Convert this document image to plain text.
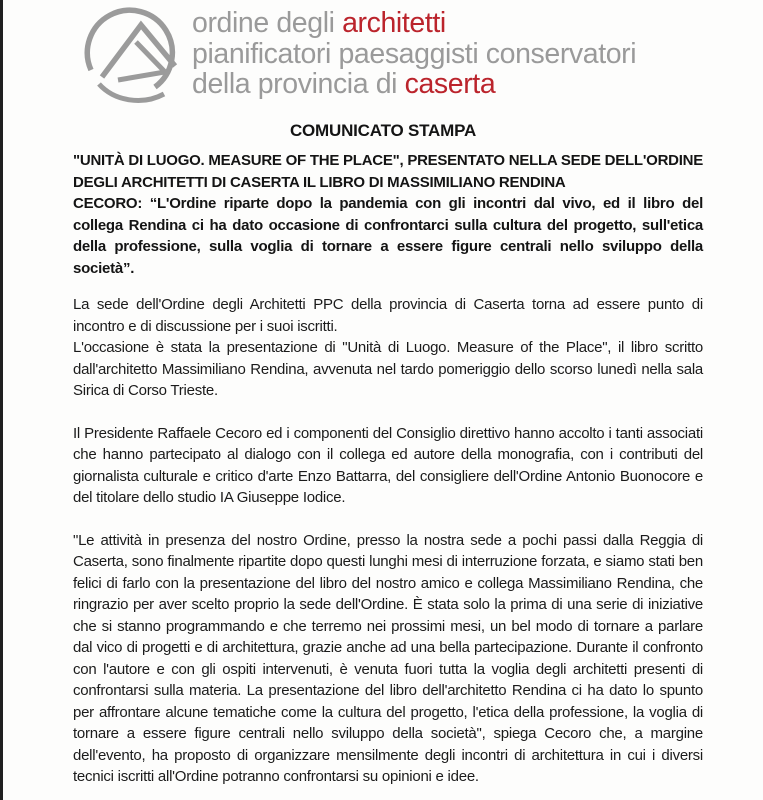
ordine degli architetti
pianificatori paesaggisti conservatori
della provincia di caserta
COMUNICATO STAMPA

"UNITÀ DI LUOGO. MEASURE OF THE PLACE", PRESENTATO NELLA SEDE DELL'ORDINE DEGLI ARCHITETTI DI CASERTA IL LIBRO DI MASSIMILIANO RENDINA

CECORO: “L'Ordine riparte dopo la pandemia con gli incontri dal vivo, ed il libro del collega Rendina ci ha dato occasione di confrontarci sulla cultura del progetto, sull'etica della professione, sulla voglia di tornare a essere figure centrali nello sviluppo della società”.

La sede dell'Ordine degli Architetti PPC della provincia di Caserta torna ad essere punto di incontro e di discussione per i suoi iscritti.

L'occasione è stata la presentazione di "Unità di Luogo. Measure of the Place", il libro scritto dall'architetto Massimiliano Rendina, avvenuta nel tardo pomeriggio dello scorso lunedì nella sala Sirica di Corso Trieste.

Il Presidente Raffaele Cecoro ed i componenti del Consiglio direttivo hanno accolto i tanti associati che hanno partecipato al dialogo con il collega ed autore della monografia, con i contributi del giornalista culturale e critico d'arte Enzo Battarra, del consigliere dell'Ordine Antonio Buonocore e del titolare dello studio IA Giuseppe Iodice.

"Le attività in presenza del nostro Ordine, presso la nostra sede a pochi passi dalla Reggia di Caserta, sono finalmente ripartite dopo questi lunghi mesi di interruzione forzata, e siamo stati ben felici di farlo con la presentazione del libro del nostro amico e collega Massimiliano Rendina, che ringrazio per aver scelto proprio la sede dell'Ordine. È stata solo la prima di una serie di iniziative che si stanno programmando e che terremo nei prossimi mesi, un bel modo di tornare a parlare dal vico di progetti e di architettura, grazie anche ad una bella partecipazione. Durante il confronto con l'autore e con gli ospiti intervenuti, è venuta fuori tutta la voglia degli architetti presenti di confrontarsi sulla materia. La presentazione del libro dell'architetto Rendina ci ha dato lo spunto per affrontare alcune tematiche come la cultura del progetto, l'etica della professione, la voglia di tornare a essere figure centrali nello sviluppo della società", spiega Cecoro che, a margine dell'evento, ha proposto di organizzare mensilmente degli incontri di architettura in cui i diversi tecnici iscritti all'Ordine potranno confrontarsi su opinioni e idee.
